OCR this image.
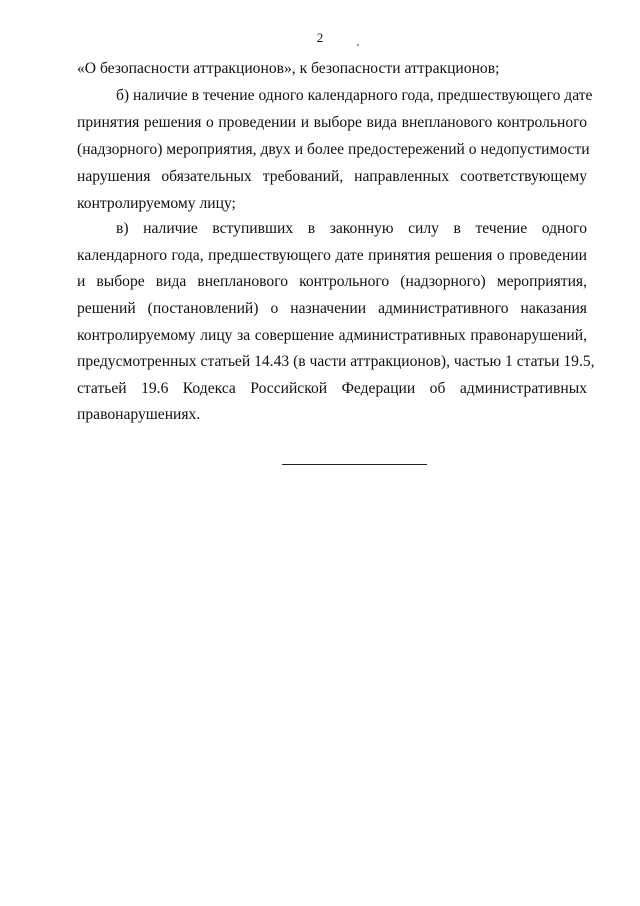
2
«О безопасности аттракционов», к безопасности аттракционов;
б) наличие в течение одного календарного года, предшествующего дате
принятия решения о проведении и выборе вида внепланового контрольного
(надзорного) мероприятия, двух и более предостережений о недопустимости
нарушения обязательных требований, направленных соответствующему
контролируемому лицу;
в) наличие вступивших в законную силу в течение одного
календарного года, предшествующего дате принятия решения о проведении
и выборе вида внепланового контрольного (надзорного) мероприятия,
решений (постановлений) о назначении административного наказания
контролируемому лицу за совершение административных правонарушений,
предусмотренных статьей 14.43 (в части аттракционов), частью 1 статьи 19.5,
статьей 19.6 Кодекса Российской Федерации об административных
правонарушениях.
